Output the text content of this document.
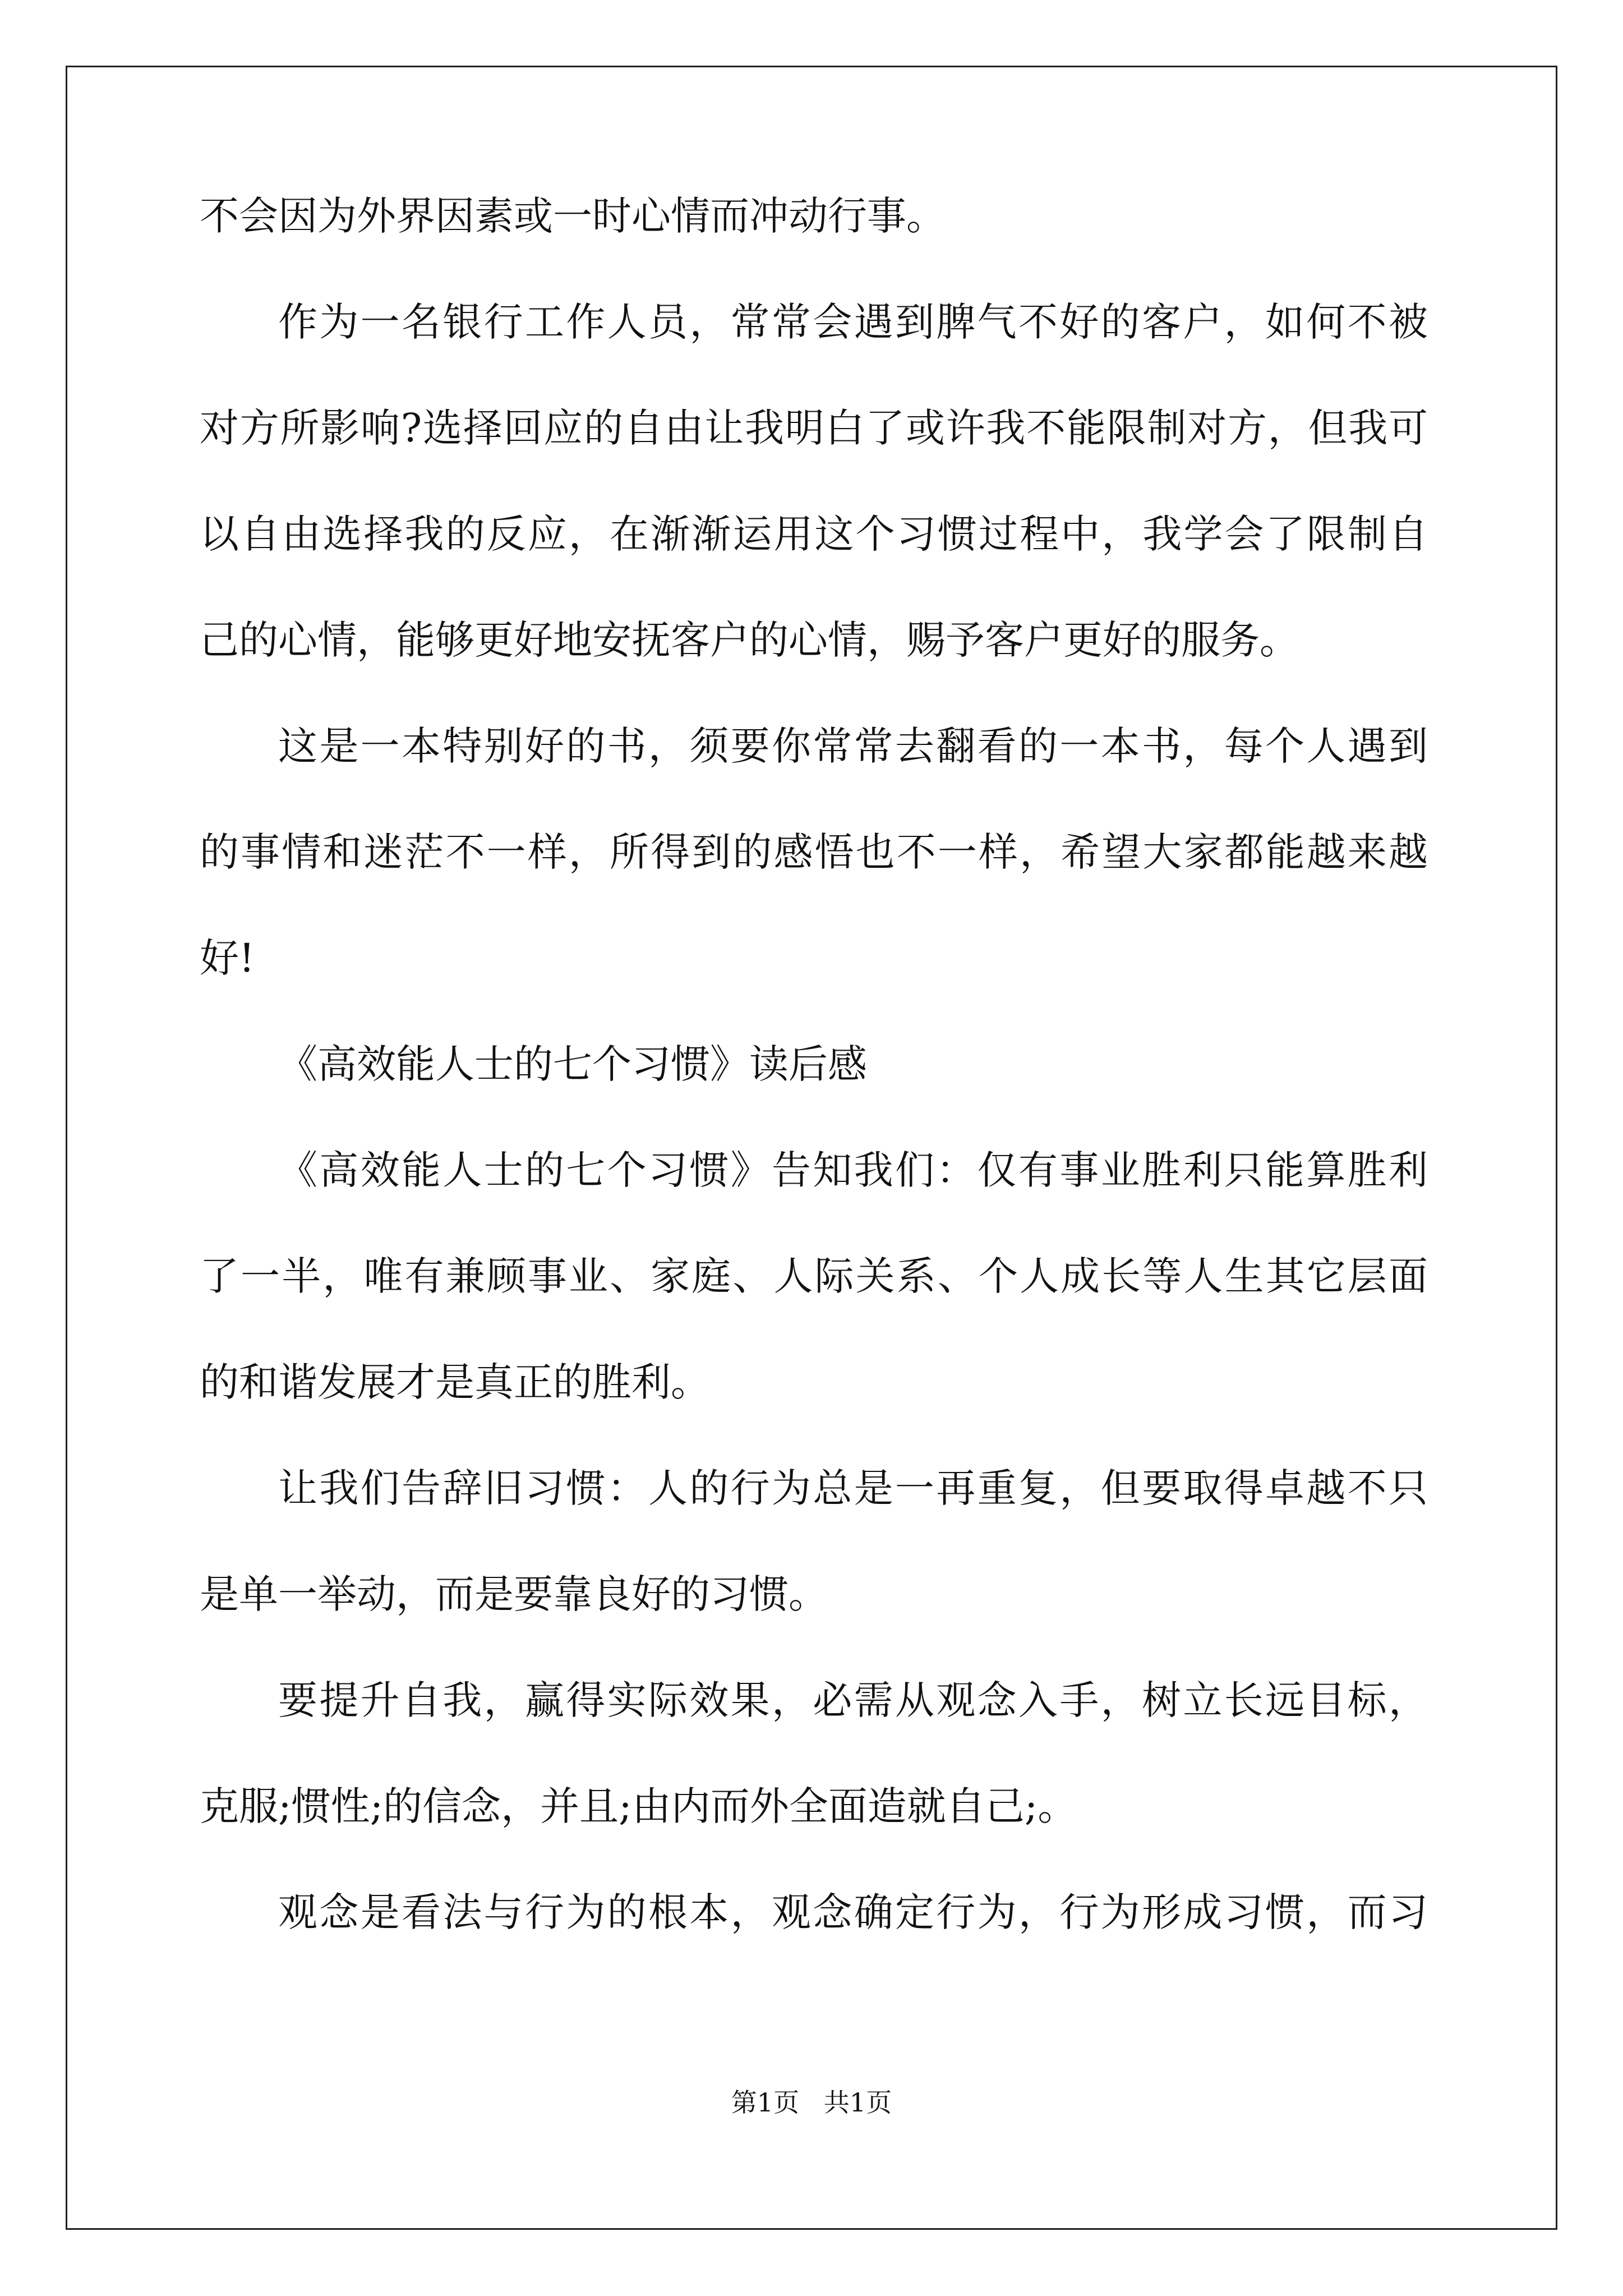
不会因为外界因素或一时心情而冲动行事。
作为一名银行工作人员，常常会遇到脾气不好的客户，如何不被
对方所影响?选择回应的自由让我明白了或许我不能限制对方，但我可
以自由选择我的反应，在渐渐运用这个习惯过程中，我学会了限制自
己的心情，能够更好地安抚客户的心情，赐予客户更好的服务。
这是一本特别好的书，须要你常常去翻看的一本书，每个人遇到
的事情和迷茫不一样，所得到的感悟也不一样，希望大家都能越来越
好!
《高效能人士的七个习惯》读后感
《高效能人士的七个习惯》告知我们：仅有事业胜利只能算胜利
了一半，唯有兼顾事业、家庭、人际关系、个人成长等人生其它层面
的和谐发展才是真正的胜利。
让我们告辞旧习惯：人的行为总是一再重复，但要取得卓越不只
是单一举动，而是要靠良好的习惯。
要提升自我，赢得实际效果，必需从观念入手，树立长远目标，
克服;惯性;的信念，并且;由内而外全面造就自己;。
观念是看法与行为的根本，观念确定行为，行为形成习惯，而习
第1页   共1页
